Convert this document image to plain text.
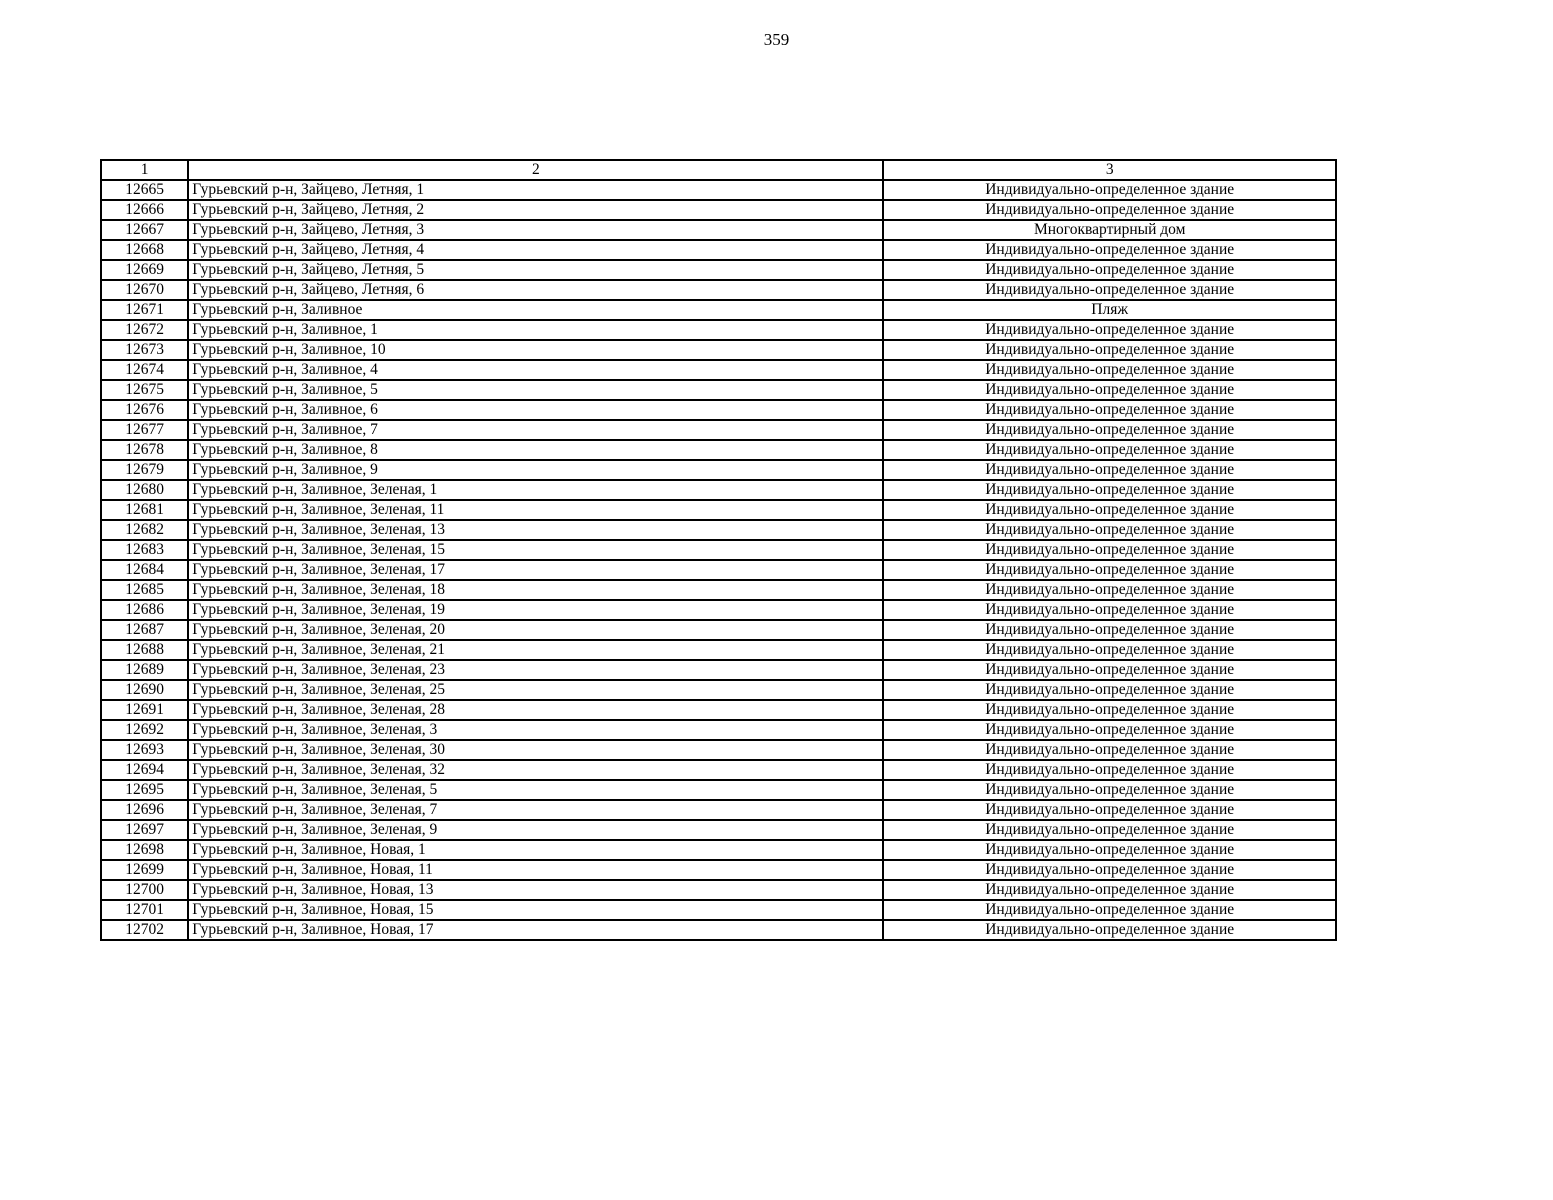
359
1	2	3
12665	Гурьевский р-н, Зайцево, Летняя, 1	Индивидуально-определенное здание
12666	Гурьевский р-н, Зайцево, Летняя, 2	Индивидуально-определенное здание
12667	Гурьевский р-н, Зайцево, Летняя, 3	Многоквартирный дом
12668	Гурьевский р-н, Зайцево, Летняя, 4	Индивидуально-определенное здание
12669	Гурьевский р-н, Зайцево, Летняя, 5	Индивидуально-определенное здание
12670	Гурьевский р-н, Зайцево, Летняя, 6	Индивидуально-определенное здание
12671	Гурьевский р-н, Заливное	Пляж
12672	Гурьевский р-н, Заливное, 1	Индивидуально-определенное здание
12673	Гурьевский р-н, Заливное, 10	Индивидуально-определенное здание
12674	Гурьевский р-н, Заливное, 4	Индивидуально-определенное здание
12675	Гурьевский р-н, Заливное, 5	Индивидуально-определенное здание
12676	Гурьевский р-н, Заливное, 6	Индивидуально-определенное здание
12677	Гурьевский р-н, Заливное, 7	Индивидуально-определенное здание
12678	Гурьевский р-н, Заливное, 8	Индивидуально-определенное здание
12679	Гурьевский р-н, Заливное, 9	Индивидуально-определенное здание
12680	Гурьевский р-н, Заливное, Зеленая, 1	Индивидуально-определенное здание
12681	Гурьевский р-н, Заливное, Зеленая, 11	Индивидуально-определенное здание
12682	Гурьевский р-н, Заливное, Зеленая, 13	Индивидуально-определенное здание
12683	Гурьевский р-н, Заливное, Зеленая, 15	Индивидуально-определенное здание
12684	Гурьевский р-н, Заливное, Зеленая, 17	Индивидуально-определенное здание
12685	Гурьевский р-н, Заливное, Зеленая, 18	Индивидуально-определенное здание
12686	Гурьевский р-н, Заливное, Зеленая, 19	Индивидуально-определенное здание
12687	Гурьевский р-н, Заливное, Зеленая, 20	Индивидуально-определенное здание
12688	Гурьевский р-н, Заливное, Зеленая, 21	Индивидуально-определенное здание
12689	Гурьевский р-н, Заливное, Зеленая, 23	Индивидуально-определенное здание
12690	Гурьевский р-н, Заливное, Зеленая, 25	Индивидуально-определенное здание
12691	Гурьевский р-н, Заливное, Зеленая, 28	Индивидуально-определенное здание
12692	Гурьевский р-н, Заливное, Зеленая, 3	Индивидуально-определенное здание
12693	Гурьевский р-н, Заливное, Зеленая, 30	Индивидуально-определенное здание
12694	Гурьевский р-н, Заливное, Зеленая, 32	Индивидуально-определенное здание
12695	Гурьевский р-н, Заливное, Зеленая, 5	Индивидуально-определенное здание
12696	Гурьевский р-н, Заливное, Зеленая, 7	Индивидуально-определенное здание
12697	Гурьевский р-н, Заливное, Зеленая, 9	Индивидуально-определенное здание
12698	Гурьевский р-н, Заливное, Новая, 1	Индивидуально-определенное здание
12699	Гурьевский р-н, Заливное, Новая, 11	Индивидуально-определенное здание
12700	Гурьевский р-н, Заливное, Новая, 13	Индивидуально-определенное здание
12701	Гурьевский р-н, Заливное, Новая, 15	Индивидуально-определенное здание
12702	Гурьевский р-н, Заливное, Новая, 17	Индивидуально-определенное здание
